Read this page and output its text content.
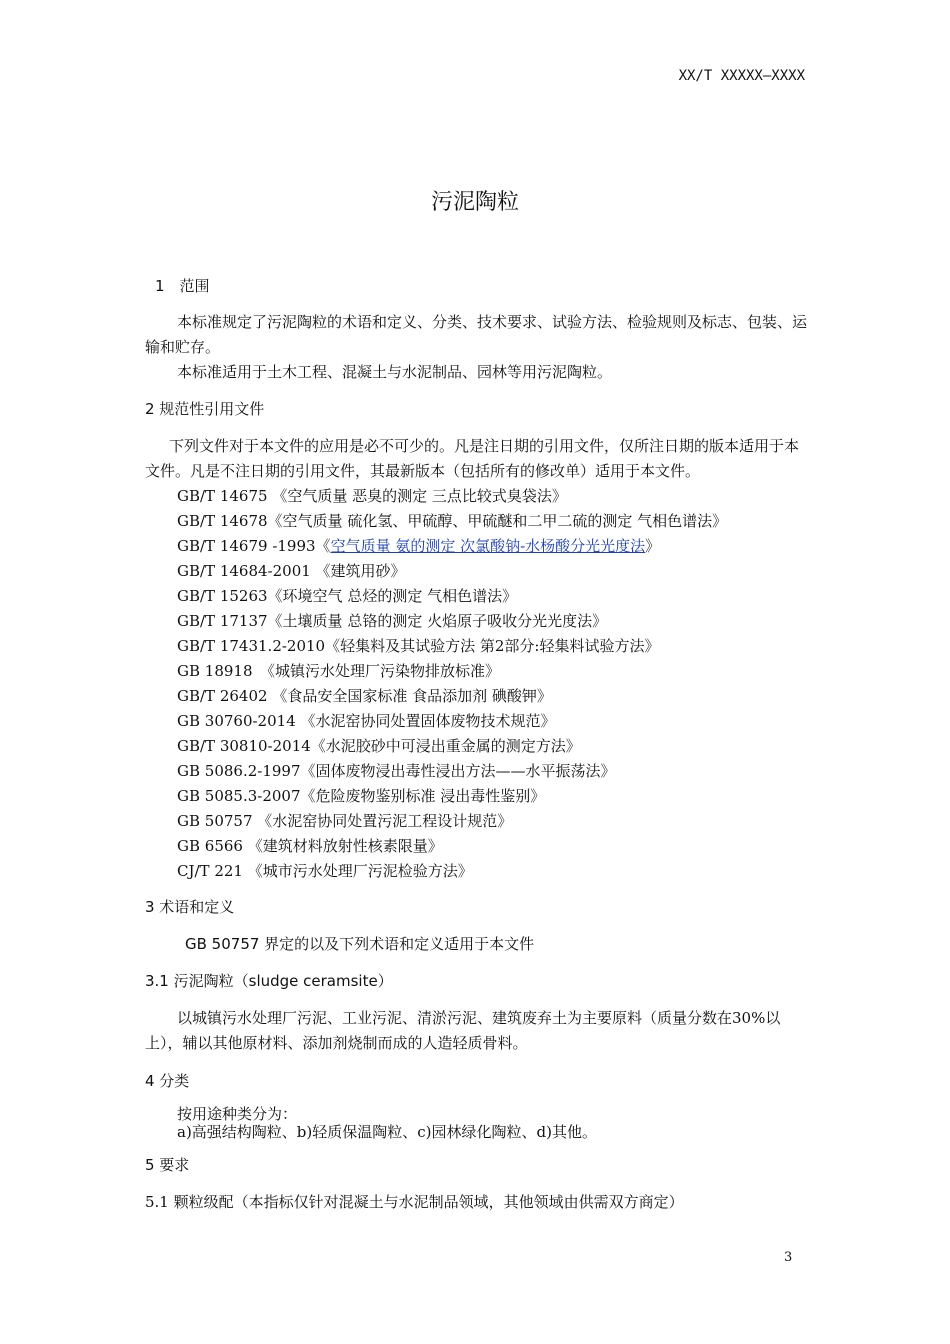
XX/T XXXXX—XXXX
污泥陶粒
1　范围

本标准规定了污泥陶粒的术语和定义、分类、技术要求、试验方法、检验规则及标志、包装、运输和贮存。

本标准适用于土木工程、混凝土与水泥制品、园林等用污泥陶粒。

2 规范性引用文件

下列文件对于本文件的应用是必不可少的。凡是注日期的引用文件，仅所注日期的版本适用于本文件。凡是不注日期的引用文件，其最新版本（包括所有的修改单）适用于本文件。

GB/T 14675 《空气质量 恶臭的测定 三点比较式臭袋法》
GB/T 14678《空气质量 硫化氢、甲硫醇、甲硫醚和二甲二硫的测定 气相色谱法》
GB/T 14679 -1993《空气质量 氨的测定 次氯酸钠-水杨酸分光光度法》
GB/T 14684-2001 《建筑用砂》
GB/T 15263《环境空气 总烃的测定 气相色谱法》
GB/T 17137《土壤质量 总铬的测定 火焰原子吸收分光光度法》
GB/T 17431.2-2010《轻集料及其试验方法 第2部分:轻集料试验方法》
GB 18918　《城镇污水处理厂污染物排放标准》
GB/T 26402 《食品安全国家标准 食品添加剂 碘酸钾》
GB 30760-2014 《水泥窑协同处置固体废物技术规范》
GB/T 30810-2014《水泥胶砂中可浸出重金属的测定方法》
GB 5086.2-1997《固体废物浸出毒性浸出方法——水平振荡法》
GB 5085.3-2007《危险废物鉴别标准 浸出毒性鉴别》
GB 50757 《水泥窑协同处置污泥工程设计规范》
GB 6566 《建筑材料放射性核素限量》
CJ/T 221 《城市污水处理厂污泥检验方法》
3 术语和定义
GB 50757 界定的以及下列术语和定义适用于本文件
3.1 污泥陶粒（sludge ceramsite）

以城镇污水处理厂污泥、工业污泥、清淤污泥、建筑废弃土为主要原料（质量分数在30%以上），辅以其他原材料、添加剂烧制而成的人造轻质骨料。

4 分类
按用途种类分为：
a)高强结构陶粒、b)轻质保温陶粒、c)园林绿化陶粒、d)其他。
5 要求
5.1 颗粒级配（本指标仅针对混凝土与水泥制品领域，其他领域由供需双方商定）
3
